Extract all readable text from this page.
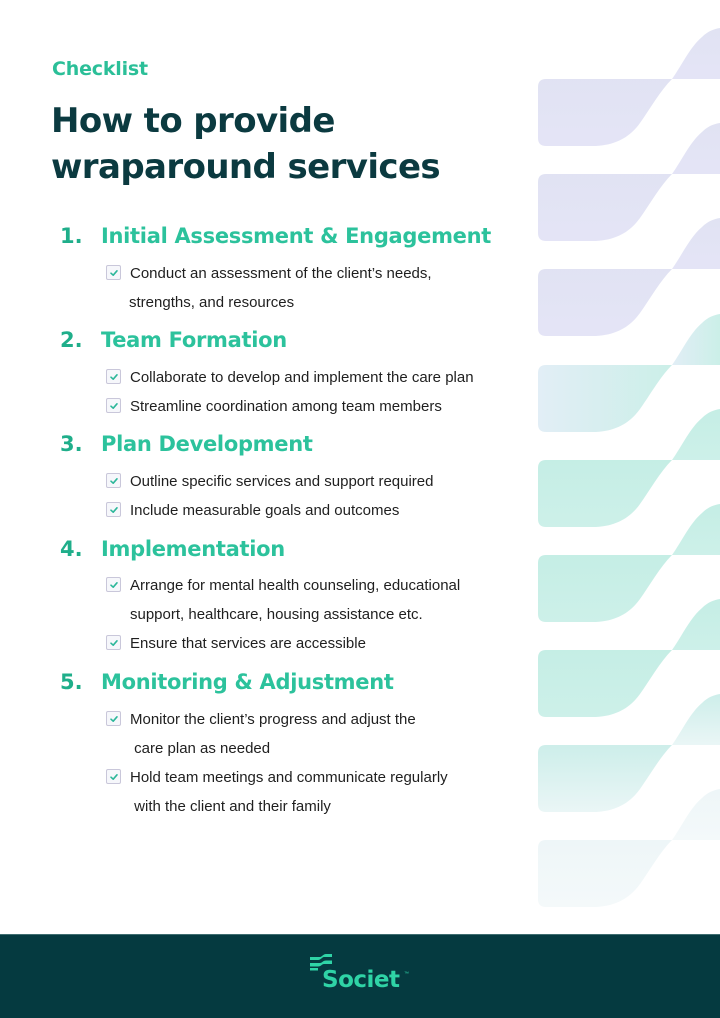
Checklist
How to provide
wraparound services
1. Initial Assessment & Engagement
Conduct an assessment of the client’s needs,
strengths, and resources
2. Team Formation
Collaborate to develop and implement the care plan
Streamline coordination among team members
3. Plan Development
Outline specific services and support required
Include measurable goals and outcomes
4. Implementation
Arrange for mental health counseling, educational
support, healthcare, housing assistance etc.
Ensure that services are accessible
5. Monitoring & Adjustment
Monitor the client’s progress and adjust the
care plan as needed
Hold team meetings and communicate regularly
with the client and their family
Societ ™
